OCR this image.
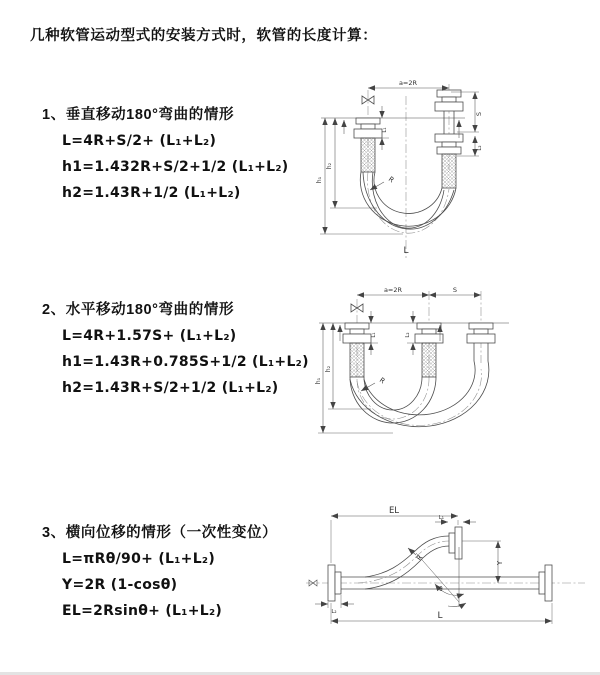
几种软管运动型式的安装方式时，软管的长度计算：
1、垂直移动180°弯曲的情形
L=4R+S/2+ (L₁+L₂)
h1=1.432R+S/2+1/2 (L₁+L₂)
h2=1.43R+1/2 (L₁+L₂)
a=2R
h₁
h₂
L₁
S
L₂
R
L
2、水平移动180°弯曲的情形
L=4R+1.57S+ (L₁+L₂)
h1=1.43R+0.785S+1/2 (L₁+L₂)
h2=1.43R+S/2+1/2 (L₁+L₂)
a=2R	S
h₁
h₂
L₁	L₂
R
3、横向位移的情形（一次性变位）
L=πRθ/90+ (L₁+L₂)
Y=2R (1-cosθ)
EL=2Rsinθ+ (L₁+L₂)
EL
L₁
Y
R
θ
L₂	L
